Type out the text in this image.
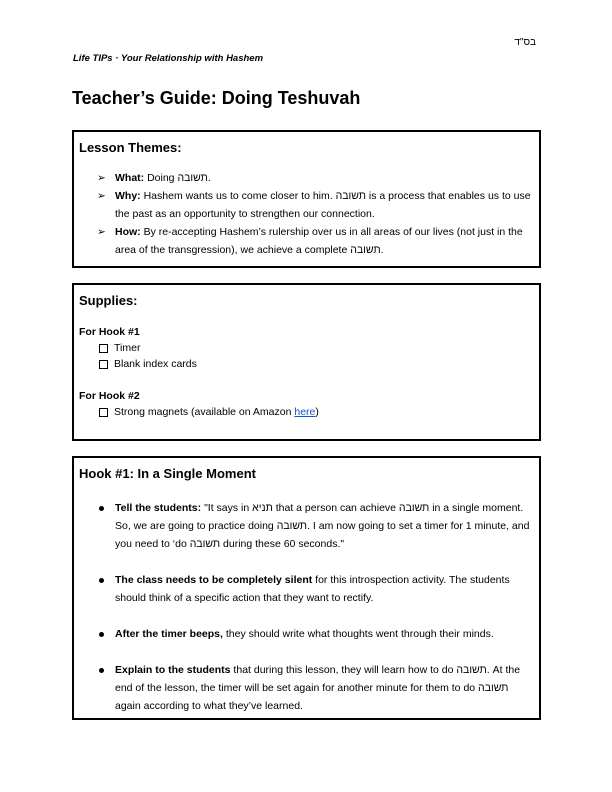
בס"ד
Life TIPs · Your Relationship with Hashem
Teacher’s Guide: Doing Teshuvah
Lesson Themes:
➢ What: Doing תשובה.
➢ Why: Hashem wants us to come closer to him. תשובה is a process that enables us to use the past as an opportunity to strengthen our connection.
➢ How: By re-accepting Hashem’s rulership over us in all areas of our lives (not just in the area of the transgression), we achieve a complete תשובה.
Supplies:

For Hook #1

Timer
Blank index cards

For Hook #2

Strong magnets (available on Amazon here)
Hook #1: In a Single Moment
Tell the students: "It says in תניא that a person can achieve תשובה in a single moment. So, we are going to practice doing תשובה. I am now going to set a timer for 1 minute, and you need to ‘do תשובה during these 60 seconds."
The class needs to be completely silent for this introspection activity. The students should think of a specific action that they want to rectify.
After the timer beeps, they should write what thoughts went through their minds.
Explain to the students that during this lesson, they will learn how to do תשובה. At the end of the lesson, the timer will be set again for another minute for them to do תשובה again according to what they’ve learned.
